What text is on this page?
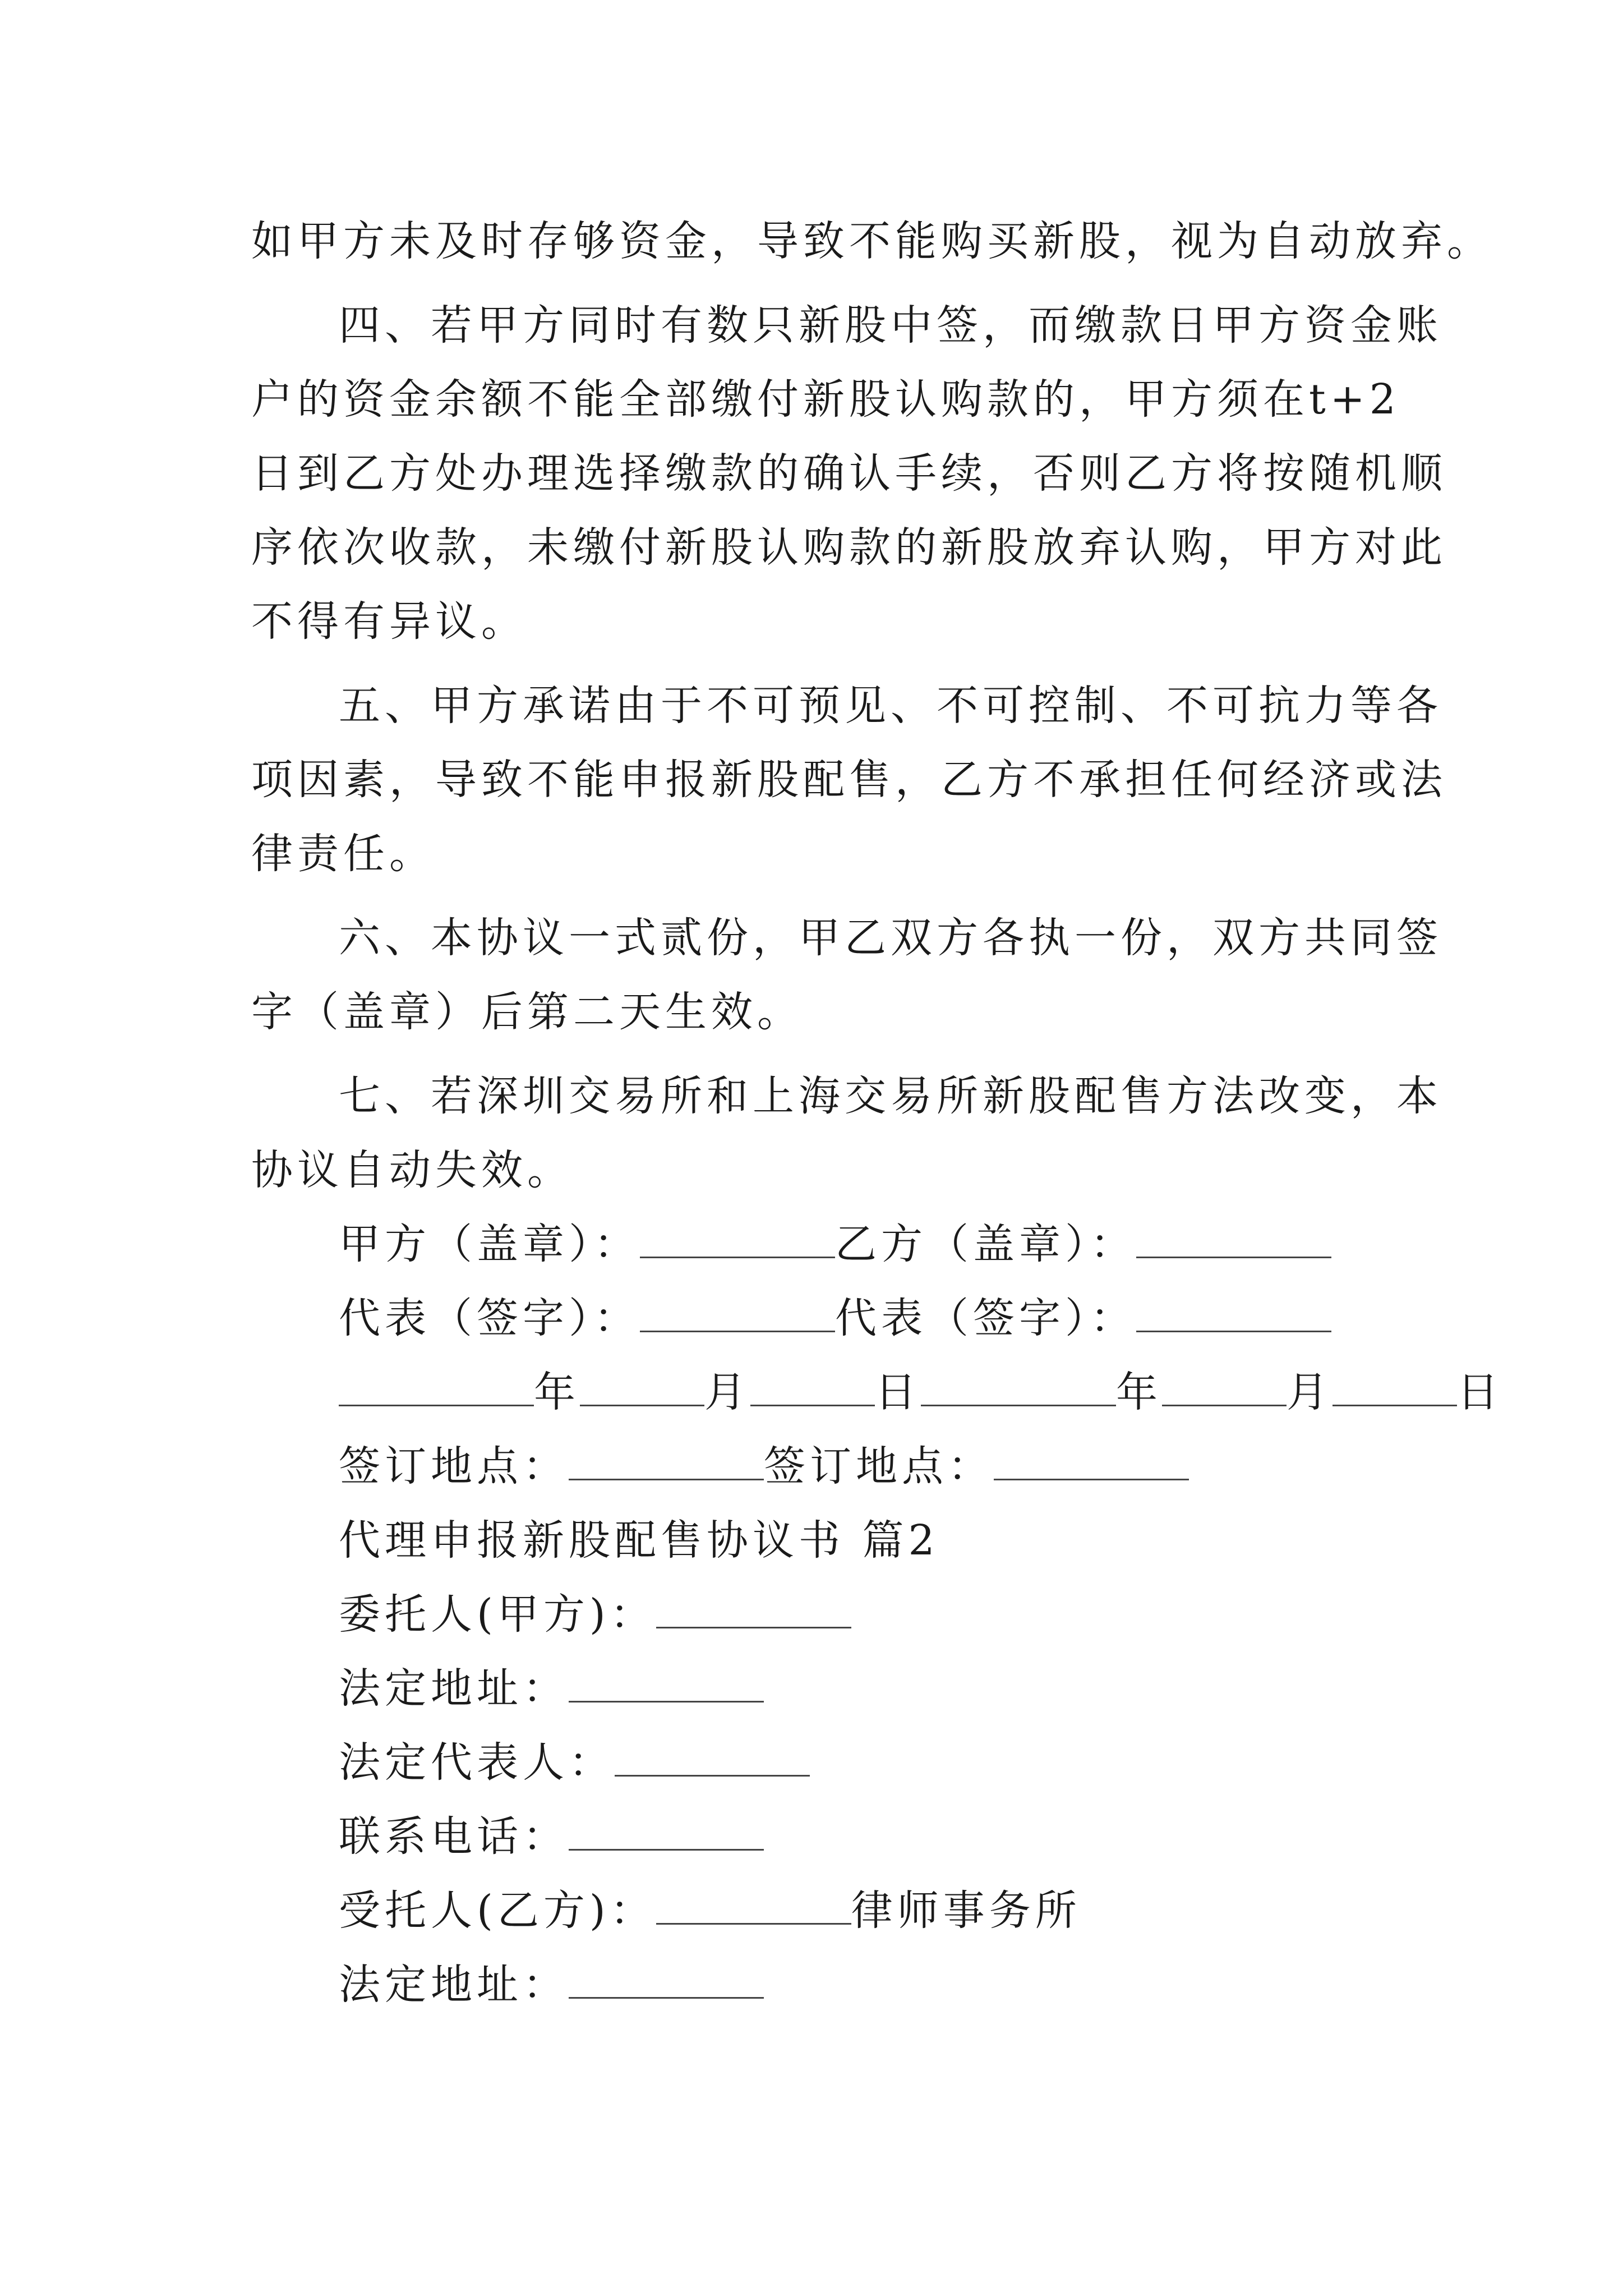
如甲方未及时存够资金，导致不能购买新股，视为自动放弃。
四、若甲方同时有数只新股中签，而缴款日甲方资金账
户的资金余额不能全部缴付新股认购款的，甲方须在t+2
日到乙方处办理选择缴款的确认手续，否则乙方将按随机顺
序依次收款，未缴付新股认购款的新股放弃认购，甲方对此
不得有异议。
五、甲方承诺由于不可预见、不可控制、不可抗力等各
项因素，导致不能申报新股配售，乙方不承担任何经济或法
律责任。
六、本协议一式贰份，甲乙双方各执一份，双方共同签
字（盖章）后第二天生效。
七、若深圳交易所和上海交易所新股配售方法改变，本
协议自动失效。
甲方（盖章）：	乙方（盖章）：
代表（签字）：	代表（签字）：
年	月	日	年	月	日
签订地点：	签订地点：
代理申报新股配售协议书 篇2
委托人(甲方)：
法定地址：
法定代表人：
联系电话：
受托人(乙方)：	律师事务所
法定地址：
